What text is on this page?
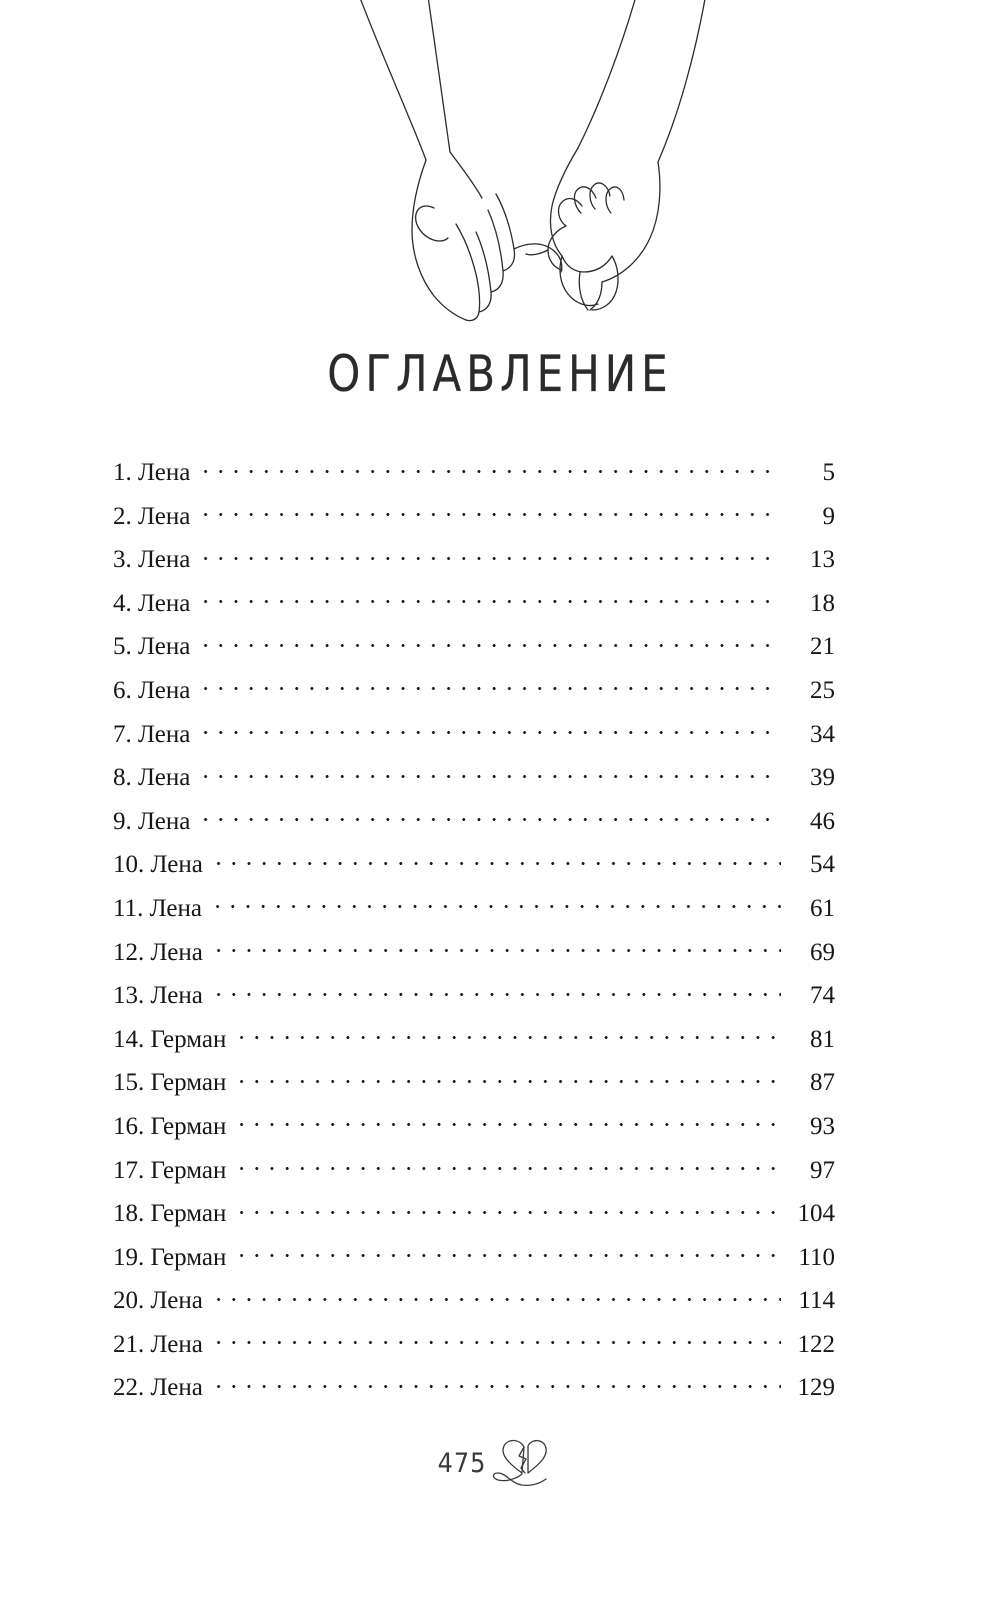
ОГЛАВЛЕНИЕ
1. Лена	5
2. Лена	9
3. Лена	13
4. Лена	18
5. Лена	21
6. Лена	25
7. Лена	34
8. Лена	39
9. Лена	46
10. Лена	54
11. Лена	61
12. Лена	69
13. Лена	74
14. Герман	81
15. Герман	87
16. Герман	93
17. Герман	97
18. Герман	104
19. Герман	110
20. Лена	114
21. Лена	122
22. Лена	129
475
